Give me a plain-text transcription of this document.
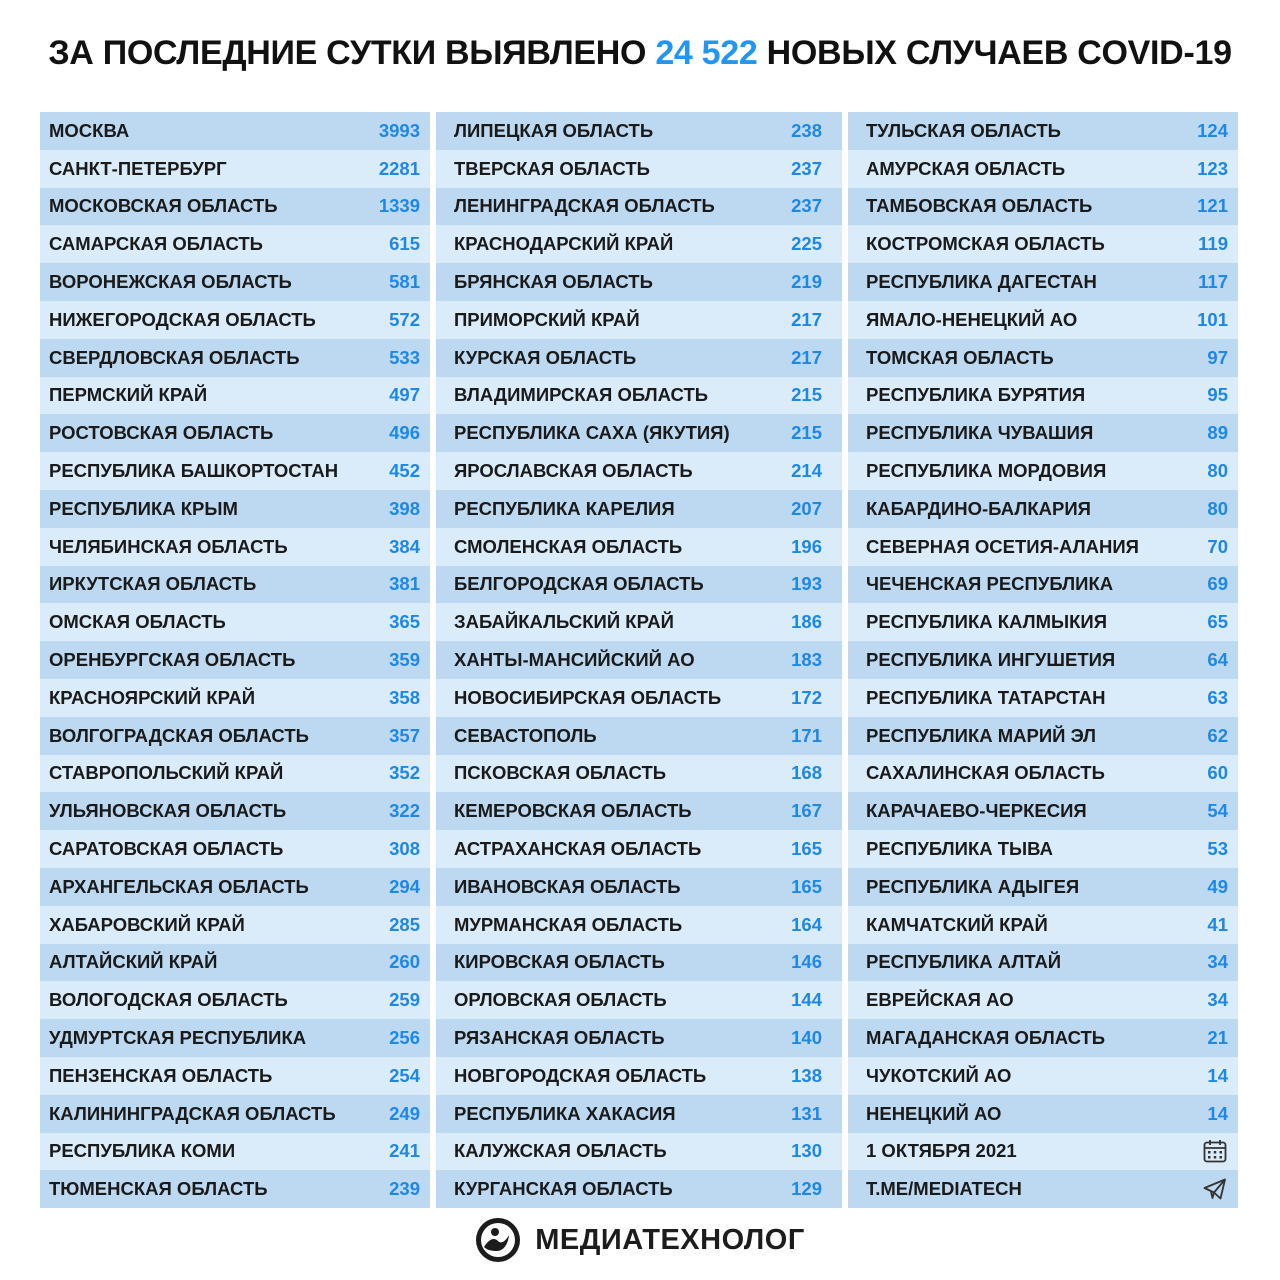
ЗА ПОСЛЕДНИЕ СУТКИ ВЫЯВЛЕНО 24 522 НОВЫХ СЛУЧАЕВ COVID-19
МОСКВА	3993
САНКТ-ПЕТЕРБУРГ	2281
МОСКОВСКАЯ ОБЛАСТЬ	1339
САМАРСКАЯ ОБЛАСТЬ	615
ВОРОНЕЖСКАЯ ОБЛАСТЬ	581
НИЖЕГОРОДСКАЯ ОБЛАСТЬ	572
СВЕРДЛОВСКАЯ ОБЛАСТЬ	533
ПЕРМСКИЙ КРАЙ	497
РОСТОВСКАЯ ОБЛАСТЬ	496
РЕСПУБЛИКА БАШКОРТОСТАН	452
РЕСПУБЛИКА КРЫМ	398
ЧЕЛЯБИНСКАЯ ОБЛАСТЬ	384
ИРКУТСКАЯ ОБЛАСТЬ	381
ОМСКАЯ ОБЛАСТЬ	365
ОРЕНБУРГСКАЯ ОБЛАСТЬ	359
КРАСНОЯРСКИЙ КРАЙ	358
ВОЛГОГРАДСКАЯ ОБЛАСТЬ	357
СТАВРОПОЛЬСКИЙ КРАЙ	352
УЛЬЯНОВСКАЯ ОБЛАСТЬ	322
САРАТОВСКАЯ ОБЛАСТЬ	308
АРХАНГЕЛЬСКАЯ ОБЛАСТЬ	294
ХАБАРОВСКИЙ КРАЙ	285
АЛТАЙСКИЙ КРАЙ	260
ВОЛОГОДСКАЯ ОБЛАСТЬ	259
УДМУРТСКАЯ РЕСПУБЛИКА	256
ПЕНЗЕНСКАЯ ОБЛАСТЬ	254
КАЛИНИНГРАДСКАЯ ОБЛАСТЬ	249
РЕСПУБЛИКА КОМИ	241
ТЮМЕНСКАЯ ОБЛАСТЬ	239
ЛИПЕЦКАЯ ОБЛАСТЬ	238
ТВЕРСКАЯ ОБЛАСТЬ	237
ЛЕНИНГРАДСКАЯ ОБЛАСТЬ	237
КРАСНОДАРСКИЙ КРАЙ	225
БРЯНСКАЯ ОБЛАСТЬ	219
ПРИМОРСКИЙ КРАЙ	217
КУРСКАЯ ОБЛАСТЬ	217
ВЛАДИМИРСКАЯ ОБЛАСТЬ	215
РЕСПУБЛИКА САХА (ЯКУТИЯ)	215
ЯРОСЛАВСКАЯ ОБЛАСТЬ	214
РЕСПУБЛИКА КАРЕЛИЯ	207
СМОЛЕНСКАЯ ОБЛАСТЬ	196
БЕЛГОРОДСКАЯ ОБЛАСТЬ	193
ЗАБАЙКАЛЬСКИЙ КРАЙ	186
ХАНТЫ-МАНСИЙСКИЙ АО	183
НОВОСИБИРСКАЯ ОБЛАСТЬ	172
СЕВАСТОПОЛЬ	171
ПСКОВСКАЯ ОБЛАСТЬ	168
КЕМЕРОВСКАЯ ОБЛАСТЬ	167
АСТРАХАНСКАЯ ОБЛАСТЬ	165
ИВАНОВСКАЯ ОБЛАСТЬ	165
МУРМАНСКАЯ ОБЛАСТЬ	164
КИРОВСКАЯ ОБЛАСТЬ	146
ОРЛОВСКАЯ ОБЛАСТЬ	144
РЯЗАНСКАЯ ОБЛАСТЬ	140
НОВГОРОДСКАЯ ОБЛАСТЬ	138
РЕСПУБЛИКА ХАКАСИЯ	131
КАЛУЖСКАЯ ОБЛАСТЬ	130
КУРГАНСКАЯ ОБЛАСТЬ	129
ТУЛЬСКАЯ ОБЛАСТЬ	124
АМУРСКАЯ ОБЛАСТЬ	123
ТАМБОВСКАЯ ОБЛАСТЬ	121
КОСТРОМСКАЯ ОБЛАСТЬ	119
РЕСПУБЛИКА ДАГЕСТАН	117
ЯМАЛО-НЕНЕЦКИЙ АО	101
ТОМСКАЯ ОБЛАСТЬ	97
РЕСПУБЛИКА БУРЯТИЯ	95
РЕСПУБЛИКА ЧУВАШИЯ	89
РЕСПУБЛИКА МОРДОВИЯ	80
КАБАРДИНО-БАЛКАРИЯ	80
СЕВЕРНАЯ ОСЕТИЯ-АЛАНИЯ	70
ЧЕЧЕНСКАЯ РЕСПУБЛИКА	69
РЕСПУБЛИКА КАЛМЫКИЯ	65
РЕСПУБЛИКА ИНГУШЕТИЯ	64
РЕСПУБЛИКА ТАТАРСТАН	63
РЕСПУБЛИКА МАРИЙ ЭЛ	62
САХАЛИНСКАЯ ОБЛАСТЬ	60
КАРАЧАЕВО-ЧЕРКЕСИЯ	54
РЕСПУБЛИКА ТЫВА	53
РЕСПУБЛИКА АДЫГЕЯ	49
КАМЧАТСКИЙ КРАЙ	41
РЕСПУБЛИКА АЛТАЙ	34
ЕВРЕЙСКАЯ АО	34
МАГАДАНСКАЯ ОБЛАСТЬ	21
ЧУКОТСКИЙ АО	14
НЕНЕЦКИЙ АО	14
1 ОКТЯБРЯ 2021
T.ME/MEDIATECH
МЕДИАТЕХНОЛОГ
